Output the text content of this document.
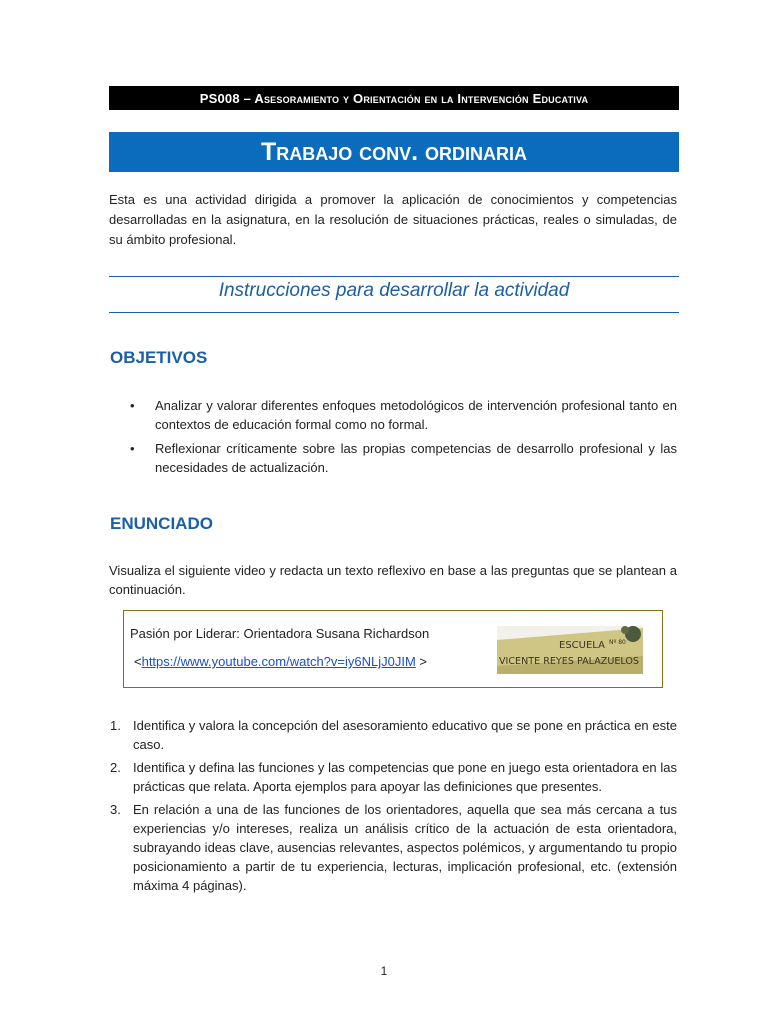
PS008 – Asesoramiento y Orientación en la Intervención Educativa
Trabajo conv. ordinaria
Esta es una actividad dirigida a promover la aplicación de conocimientos y competencias desarrolladas en la asignatura, en la resolución de situaciones prácticas, reales o simuladas, de su ámbito profesional.
Instrucciones para desarrollar la actividad
OBJETIVOS
• Analizar y valorar diferentes enfoques metodológicos de intervención profesional tanto en contextos de educación formal como no formal.
• Reflexionar críticamente sobre las propias competencias de desarrollo profesional y las necesidades de actualización.
ENUNCIADO
Visualiza el siguiente video y redacta un texto reflexivo en base a las preguntas que se plantean a continuación.
Pasión por Liderar: Orientadora Susana Richardson
<https://www.youtube.com/watch?v=iy6NLjJ0JIM >
ESCUELA Nº 80
VICENTE REYES PALAZUELOS
1. Identifica y valora la concepción del asesoramiento educativo que se pone en práctica en este caso.
2. Identifica y defina las funciones y las competencias que pone en juego esta orientadora en las prácticas que relata. Aporta ejemplos para apoyar las definiciones que presentes.
3. En relación a una de las funciones de los orientadores, aquella que sea más cercana a tus experiencias y/o intereses, realiza un análisis crítico de la actuación de esta orientadora, subrayando ideas clave, ausencias relevantes, aspectos polémicos, y argumentando tu propio posicionamiento a partir de tu experiencia, lecturas, implicación profesional, etc. (extensión máxima 4 páginas).
1
